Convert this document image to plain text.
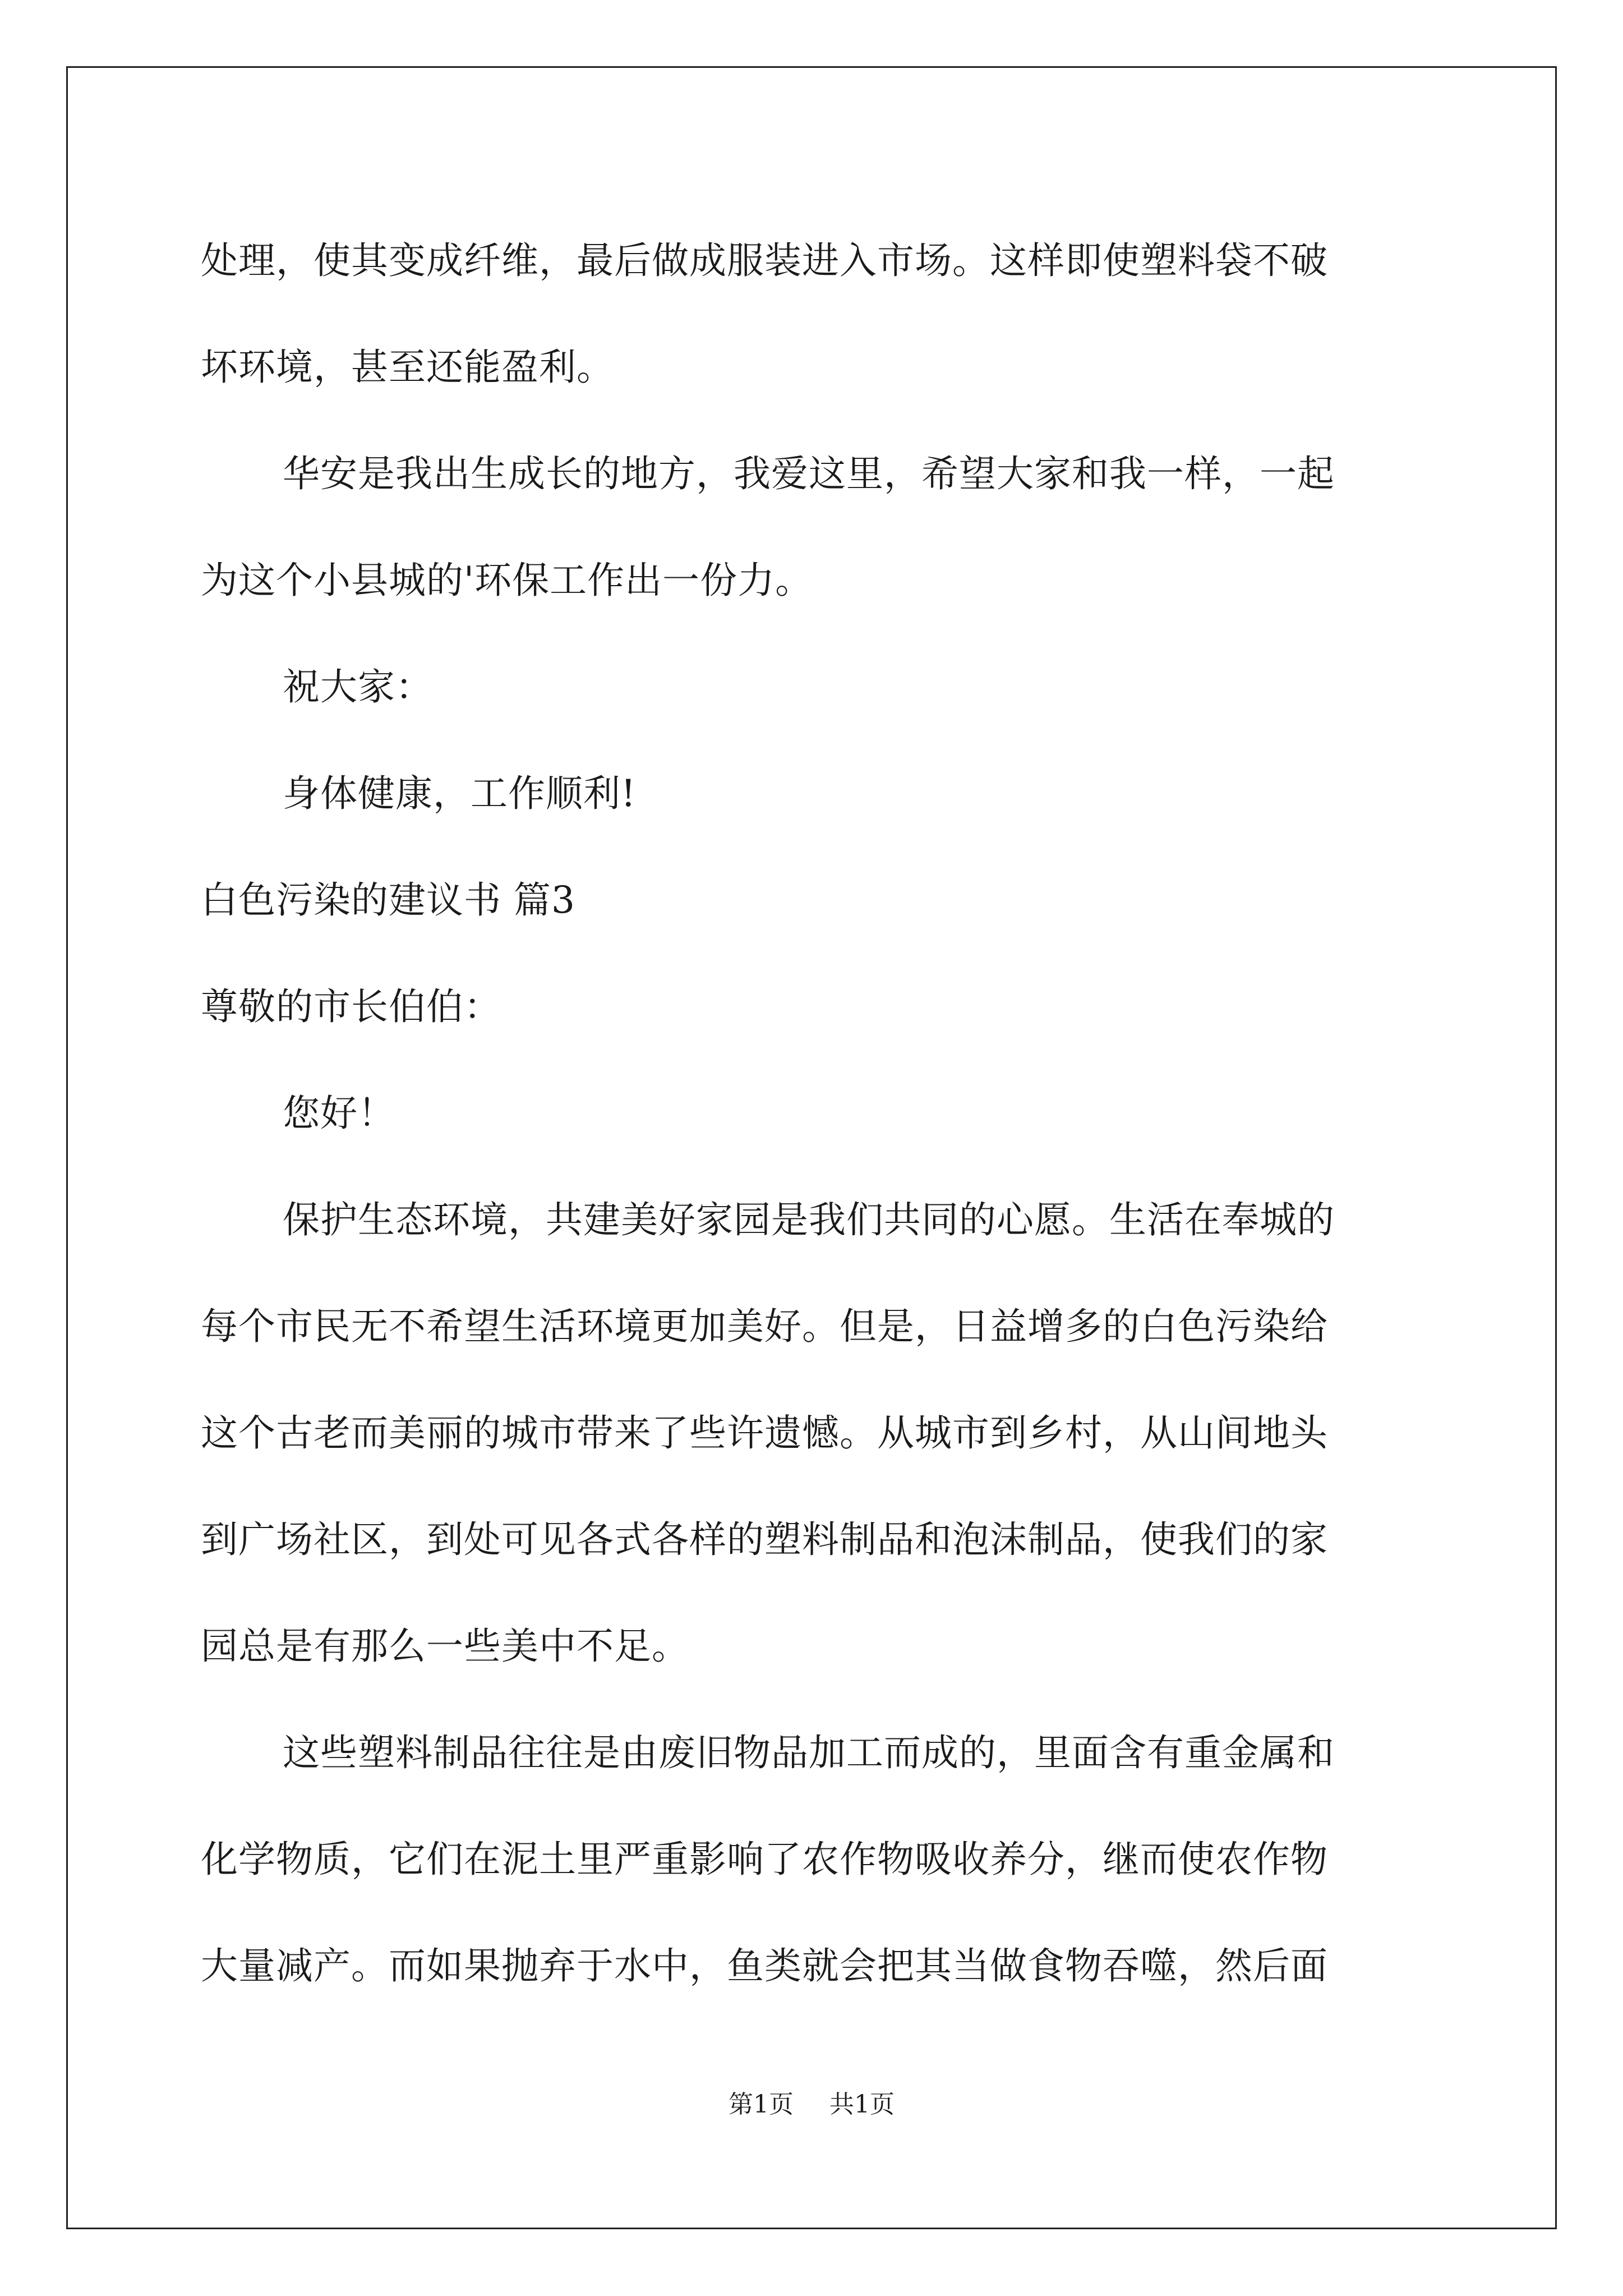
处理，使其变成纤维，最后做成服装进入市场。这样即使塑料袋不破
坏环境，甚至还能盈利。
华安是我出生成长的地方，我爱这里，希望大家和我一样，一起
为这个小县城的'环保工作出一份力。
祝大家：
身体健康，工作顺利!
白色污染的建议书 篇3
尊敬的市长伯伯：
您好！
保护生态环境，共建美好家园是我们共同的心愿。生活在奉城的
每个市民无不希望生活环境更加美好。但是，日益增多的白色污染给
这个古老而美丽的城市带来了些许遗憾。从城市到乡村，从山间地头
到广场社区，到处可见各式各样的塑料制品和泡沫制品，使我们的家
园总是有那么一些美中不足。
这些塑料制品往往是由废旧物品加工而成的，里面含有重金属和
化学物质，它们在泥土里严重影响了农作物吸收养分，继而使农作物
大量减产。而如果抛弃于水中，鱼类就会把其当做食物吞噬，然后面
第1页 共1页
